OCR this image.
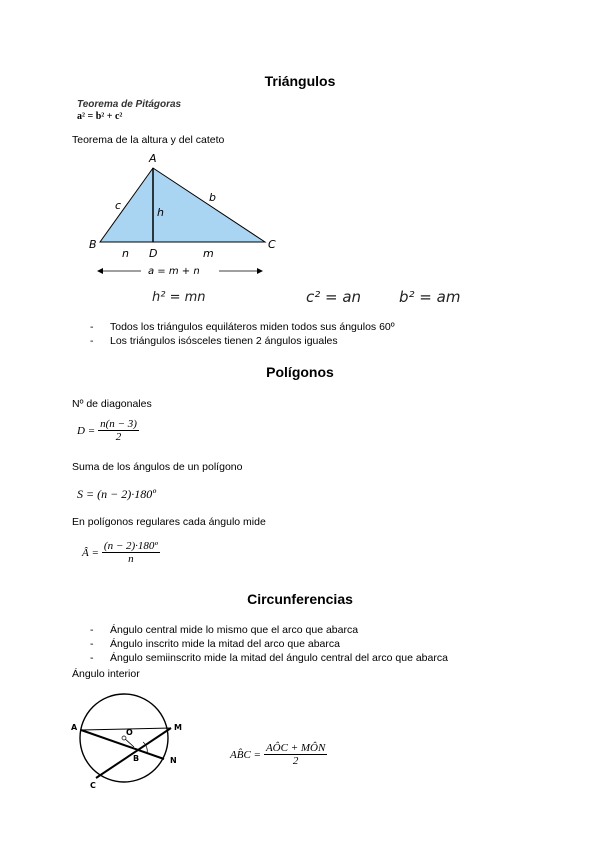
Triángulos
Teorema de Pitágoras
a² = b² + c²
Teorema de la altura y del cateto
A
B	C
D
c
b
h
n	m
a = m + n
h² = mn	c² = an	b² = am
- Todos los triángulos equiláteros miden todos sus ángulos 60º
- Los triángulos isósceles tienen 2 ángulos iguales
Polígonos
Nº de diagonales
$D = \frac{n(n - 3)}{2}$
Suma de los ángulos de un polígono
S = (n − 2)·180º
En polígonos regulares cada ángulo mide
Â = $\frac{\text{(n − 2)·180º}}{n}$
Circunferencias
- Ángulo central mide lo mismo que el arco que abarca
- Ángulo inscrito mide la mitad del arco que abarca
- Ángulo semiinscrito mide la mitad del ángulo central del arco que abarca
Ángulo interior
A	M
O
B	N
C
AB̂C = $\frac{\text{AÔC + MÔN}}{2}$
